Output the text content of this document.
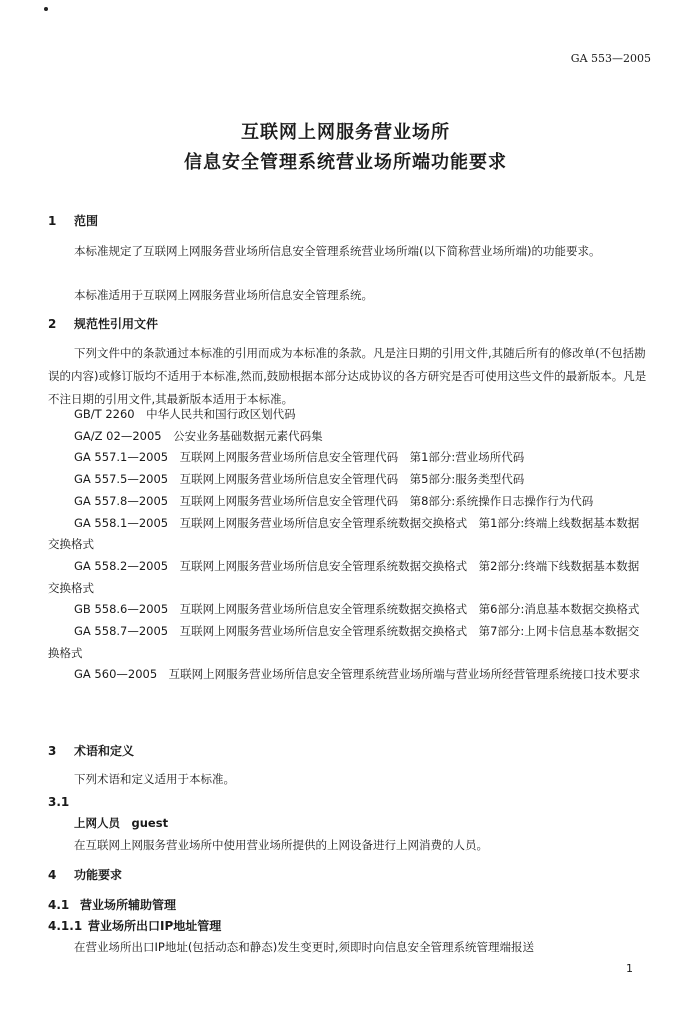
GA 553—2005
互联网上网服务营业场所
信息安全管理系统营业场所端功能要求
1 范围
本标准规定了互联网上网服务营业场所信息安全管理系统营业场所端(以下简称营业场所端)的功能要求。
本标准适用于互联网上网服务营业场所信息安全管理系统。
2 规范性引用文件
下列文件中的条款通过本标准的引用而成为本标准的条款。凡是注日期的引用文件,其随后所有的修改单(不包括勘误的内容)或修订版均不适用于本标准,然而,鼓励根据本部分达成协议的各方研究是否可使用这些文件的最新版本。凡是不注日期的引用文件,其最新版本适用于本标准。
GB/T 2260　中华人民共和国行政区划代码
GA/Z 02—2005　公安业务基础数据元素代码集
GA 557.1—2005　互联网上网服务营业场所信息安全管理代码　第1部分:营业场所代码
GA 557.5—2005　互联网上网服务营业场所信息安全管理代码　第5部分:服务类型代码
GA 557.8—2005　互联网上网服务营业场所信息安全管理代码　第8部分:系统操作日志操作行为代码
GA 558.1—2005　互联网上网服务营业场所信息安全管理系统数据交换格式　第1部分:终端上线数据基本数据交换格式
GA 558.2—2005　互联网上网服务营业场所信息安全管理系统数据交换格式　第2部分:终端下线数据基本数据交换格式
GB 558.6—2005　互联网上网服务营业场所信息安全管理系统数据交换格式　第6部分:消息基本数据交换格式
GA 558.7—2005　互联网上网服务营业场所信息安全管理系统数据交换格式　第7部分:上网卡信息基本数据交换格式
GA 560—2005　互联网上网服务营业场所信息安全管理系统营业场所端与营业场所经营管理系统接口技术要求
3 术语和定义
下列术语和定义适用于本标准。
3.1
上网人员　guest
在互联网上网服务营业场所中使用营业场所提供的上网设备进行上网消费的人员。
4 功能要求
4.1 营业场所辅助管理
4.1.1 营业场所出口IP地址管理
在营业场所出口IP地址(包括动态和静态)发生变更时,须即时向信息安全管理系统管理端报送
1
